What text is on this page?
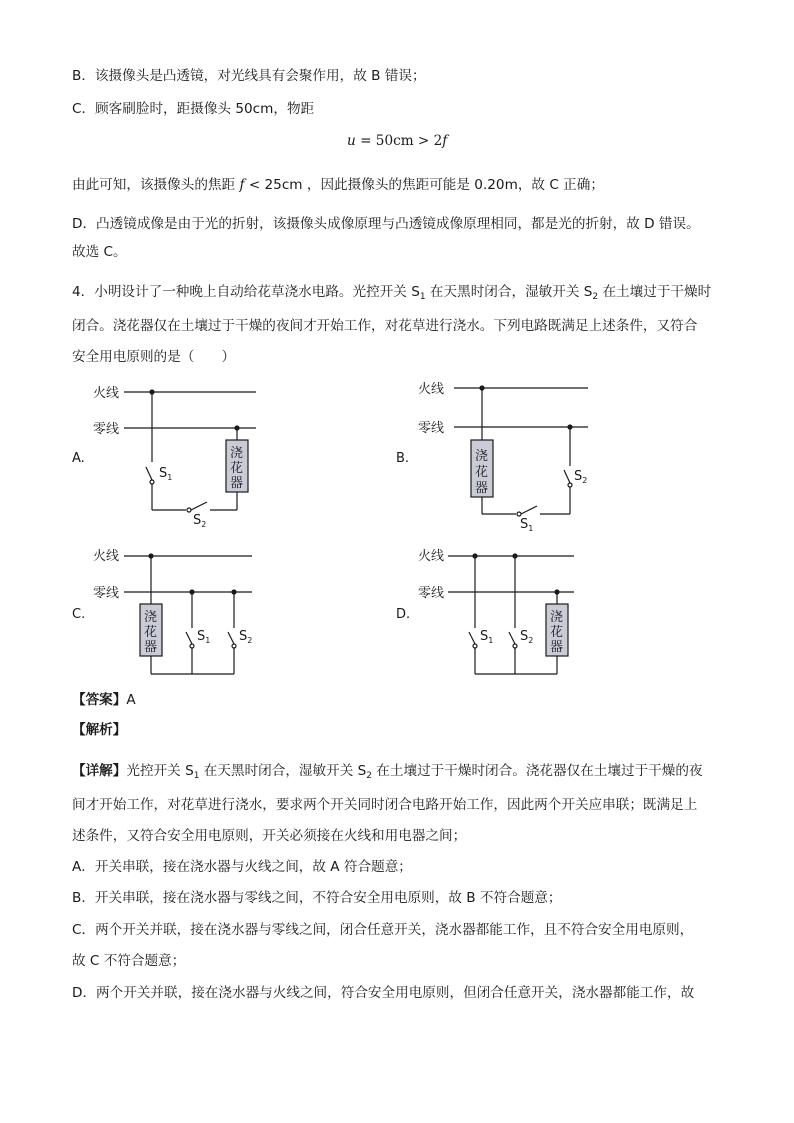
B．该摄像头是凸透镜，对光线具有会聚作用，故 B 错误；
C．顾客刷脸时，距摄像头 50cm，物距
u = 50cm > 2f
由此可知，该摄像头的焦距 f < 25cm ，因此摄像头的焦距可能是 0.20m，故 C 正确；
D．凸透镜成像是由于光的折射，该摄像头成像原理与凸透镜成像原理相同，都是光的折射，故 D 错误。
故选 C。
4．小明设计了一种晚上自动给花草浇水电路。光控开关 $S_1$ 在天黑时闭合，湿敏开关 $S_2$ 在土壤过于干燥时
闭合。浇花器仅在土壤过于干燥的夜间才开始工作，对花草进行浇水。下列电路既满足上述条件，又符合
安全用电原则的是（　　）
火线
零线
A.	浇
花
器
$S_1$
$S_2$
火线
零线
B.	浇
花
器
$S_2$
$S_1$
火线
零线
C.	浇
花
器
$S_1$ $S_2$
火线
零线
D.	浇
花
器
$S_1$ $S_2$
【答案】A
【解析】
【详解】光控开关 $S_1$ 在天黑时闭合，湿敏开关 $S_2$ 在土壤过于干燥时闭合。浇花器仅在土壤过于干燥的夜
间才开始工作，对花草进行浇水，要求两个开关同时闭合电路开始工作，因此两个开关应串联；既满足上
述条件，又符合安全用电原则，开关必须接在火线和用电器之间；
A．开关串联，接在浇水器与火线之间，故 A 符合题意；
B．开关串联，接在浇水器与零线之间，不符合安全用电原则，故 B 不符合题意；
C．两个开关并联，接在浇水器与零线之间，闭合任意开关，浇水器都能工作，且不符合安全用电原则，
故 C 不符合题意；
D．两个开关并联，接在浇水器与火线之间，符合安全用电原则，但闭合任意开关，浇水器都能工作，故
